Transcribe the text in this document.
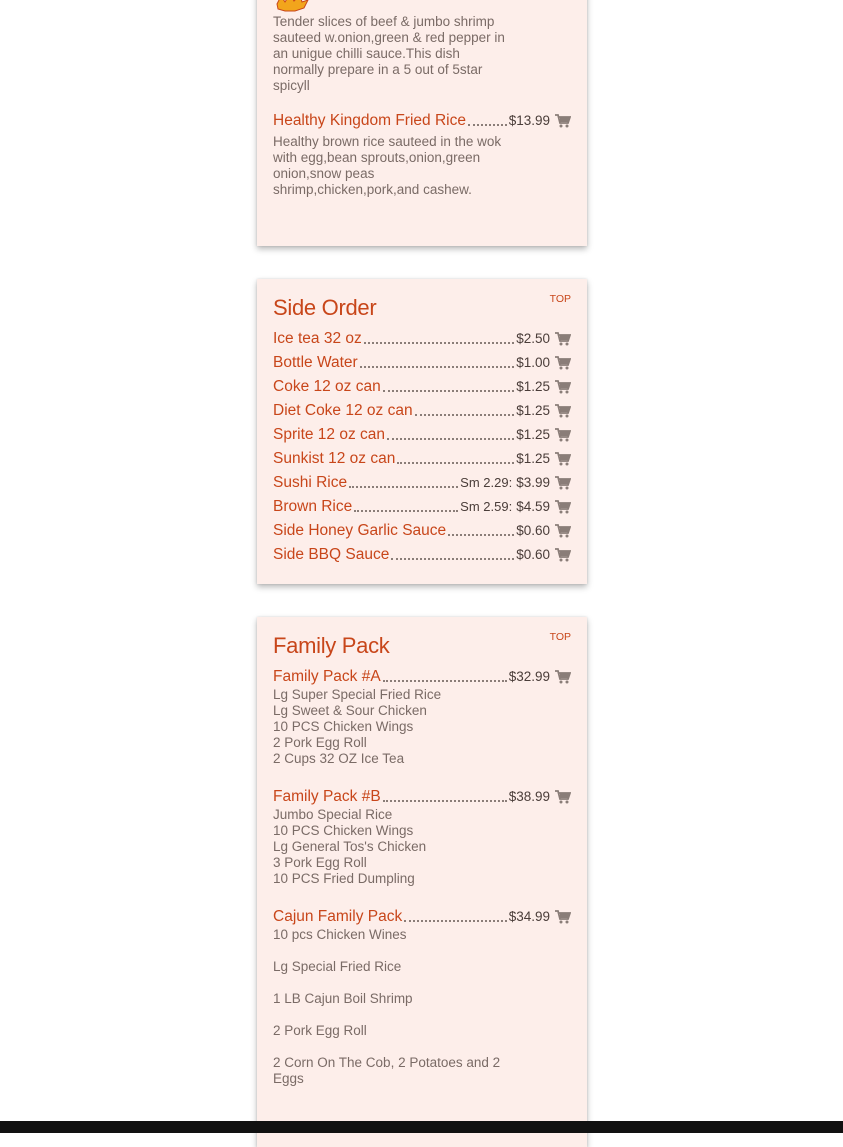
Tender slices of beef & jumbo shrimp sauteed w.onion,green & red pepper in an unigue chilli sauce.This dish normally prepare in a 5 out of 5star spicyll
Healthy Kingdom Fried Rice	$13.99
Healthy brown rice sauteed in the wok with egg,bean sprouts,onion,green onion,snow peas shrimp,chicken,pork,and cashew.
Side Order	TOP
Ice tea 32 oz	$2.50
Bottle Water	$1.00
Coke 12 oz can	$1.25
Diet Coke 12 oz can	$1.25
Sprite 12 oz can	$1.25
Sunkist 12 oz can	$1.25
Sushi Rice	Sm 2.29: $3.99
Brown Rice	Sm 2.59: $4.59
Side Honey Garlic Sauce	$0.60
Side BBQ Sauce	$0.60
Family Pack	TOP
Family Pack #A	$32.99
Lg Super Special Fried Rice
Lg Sweet & Sour Chicken
10 PCS Chicken Wings
2 Pork Egg Roll
2 Cups 32 OZ Ice Tea
Family Pack #B	$38.99
Jumbo Special Rice
10 PCS Chicken Wings
Lg General Tos's Chicken
3 Pork Egg Roll
10 PCS Fried Dumpling
Cajun Family Pack	$34.99
10 pcs Chicken Wines
Lg Special Fried Rice
1 LB Cajun Boil Shrimp
2 Pork Egg Roll
2 Corn On The Cob, 2 Potatoes and 2 Eggs
